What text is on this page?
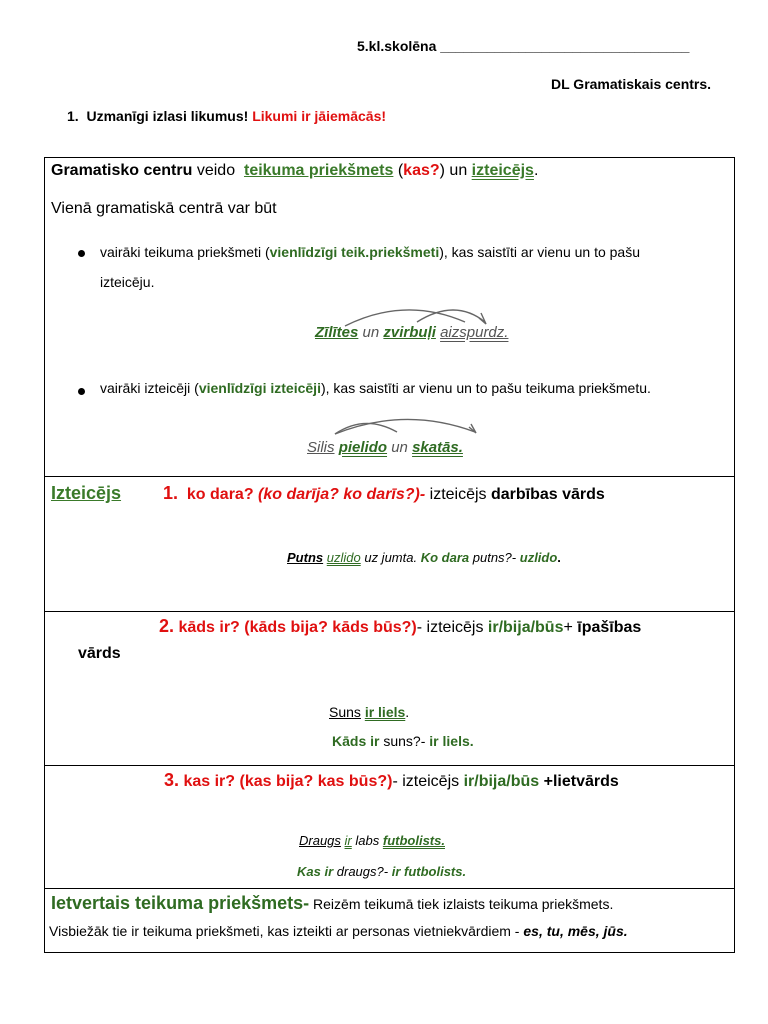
5.kl.skolēna ________________________________
DL Gramatiskais centrs.
1. Uzmanīgi izlasi likumus! Likumi ir jāiemācās!
Gramatisko centru veido teikuma priekšmets (kas?) un izteicējs.
Vienā gramatiskā centrā var būt
vairāki teikuma priekšmeti (vienlīdzīgi teik.priekšmeti), kas saistīti ar vienu un to pašu
izteicēju.
Zīlītes un zvirbuļi aizspurdz.
vairāki izteicēji (vienlīdzīgi izteicēji), kas saistīti ar vienu un to pašu teikuma priekšmetu.
Silis pielido un skatās.

Izteicējs 1. ko dara? (ko darīja? ko darīs?)- izteicējs darbības vārds
Putns uzlido uz jumta. Ko dara putns?- uzlido.

2. kāds ir? (kāds bija? kāds būs?)- izteicējs ir/bija/būs+ īpašības
vārds
Suns ir liels.
Kāds ir suns?- ir liels.

3. kas ir? (kas bija? kas būs?)- izteicējs ir/bija/būs +lietvārds
Draugs ir labs futbolists.
Kas ir draugs?- ir futbolists.

Ietvertais teikuma priekšmets- Reizēm teikumā tiek izlaists teikuma priekšmets.
Visbiežāk tie ir teikuma priekšmeti, kas izteikti ar personas vietniekvārdiem - es, tu, mēs, jūs.
